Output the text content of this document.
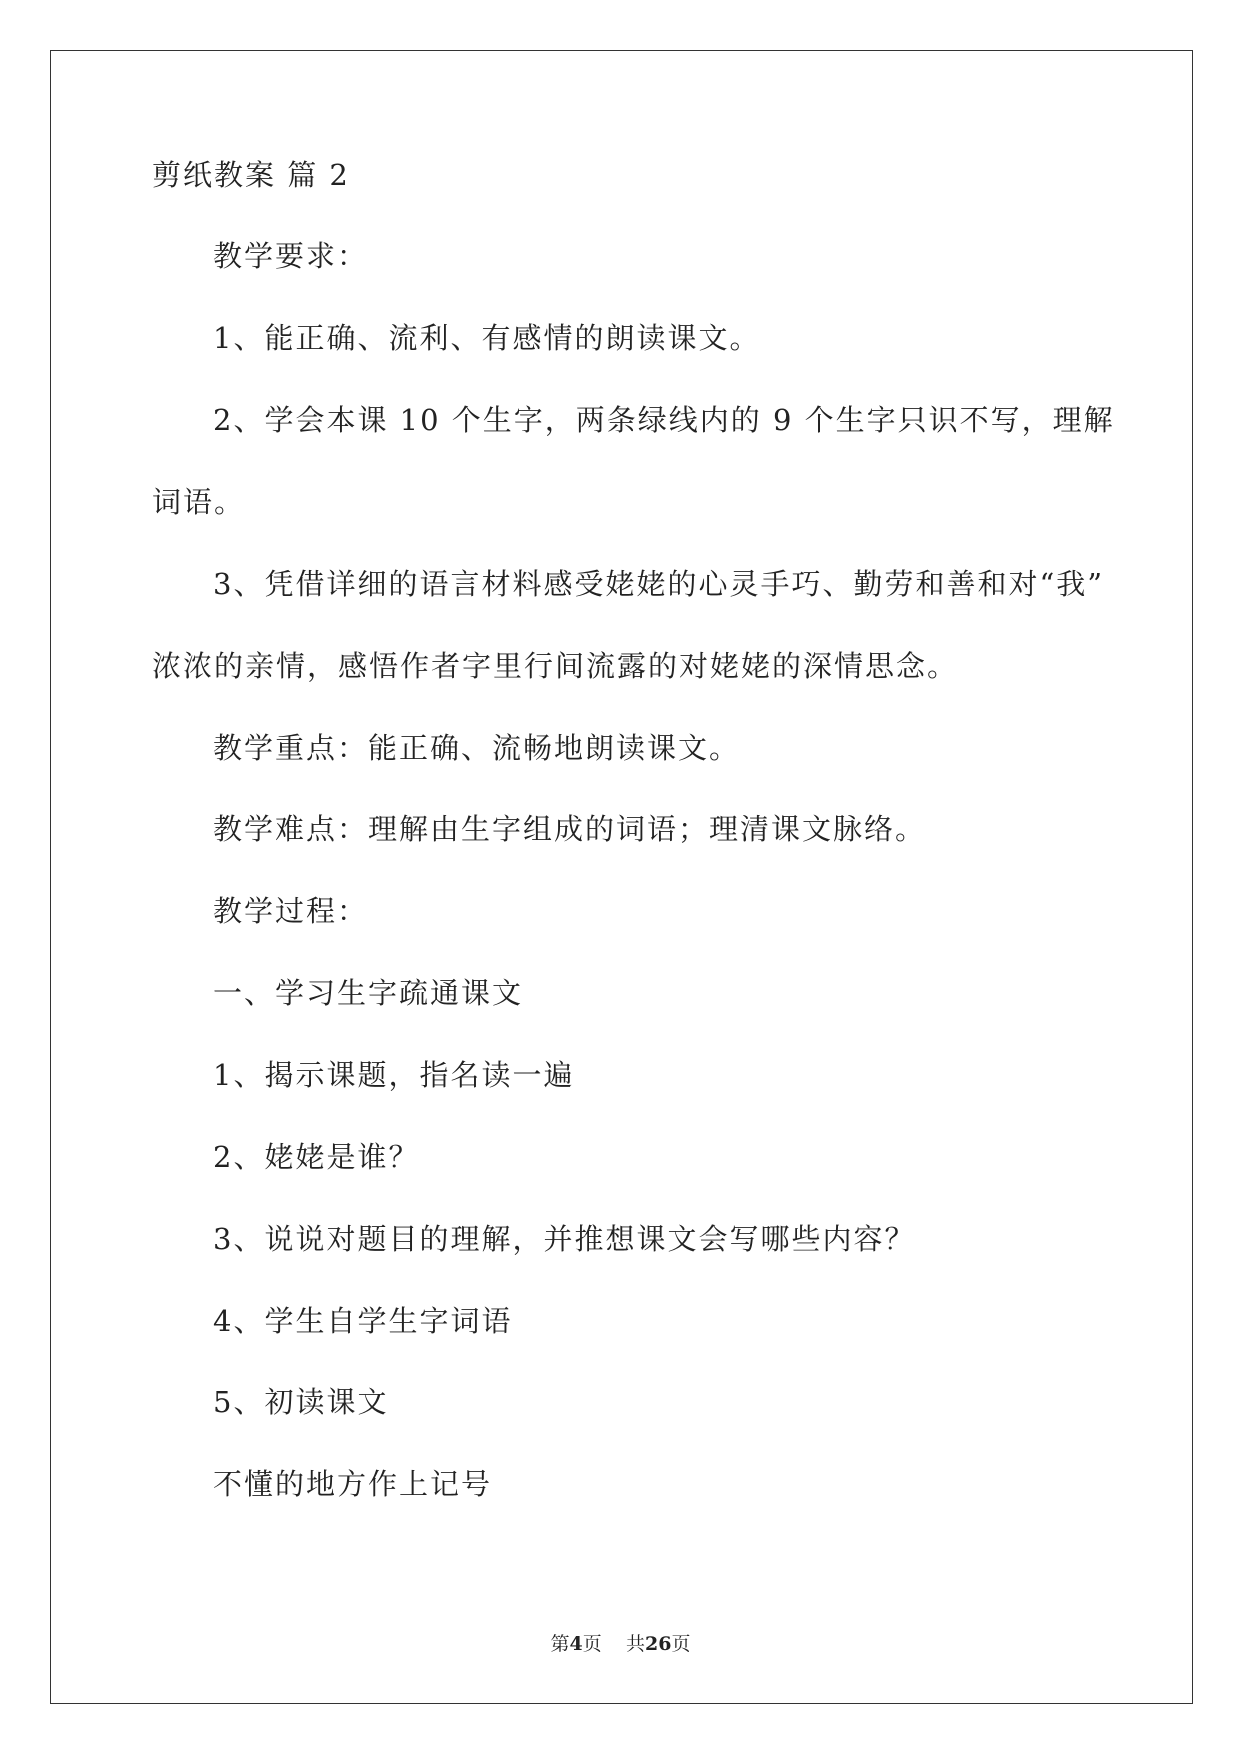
剪纸教案 篇 2
教学要求：
1、能正确、流利、有感情的朗读课文。
2、学会本课 10 个生字，两条绿线内的 9 个生字只识不写，理解
词语。
3、凭借详细的语言材料感受姥姥的心灵手巧、勤劳和善和对“我”
浓浓的亲情，感悟作者字里行间流露的对姥姥的深情思念。
教学重点：能正确、流畅地朗读课文。
教学难点：理解由生字组成的词语；理清课文脉络。
教学过程：
一、学习生字疏通课文
1、揭示课题，指名读一遍
2、姥姥是谁？
3、说说对题目的理解，并推想课文会写哪些内容？
4、学生自学生字词语
5、初读课文
不懂的地方作上记号
第4页 共26页
